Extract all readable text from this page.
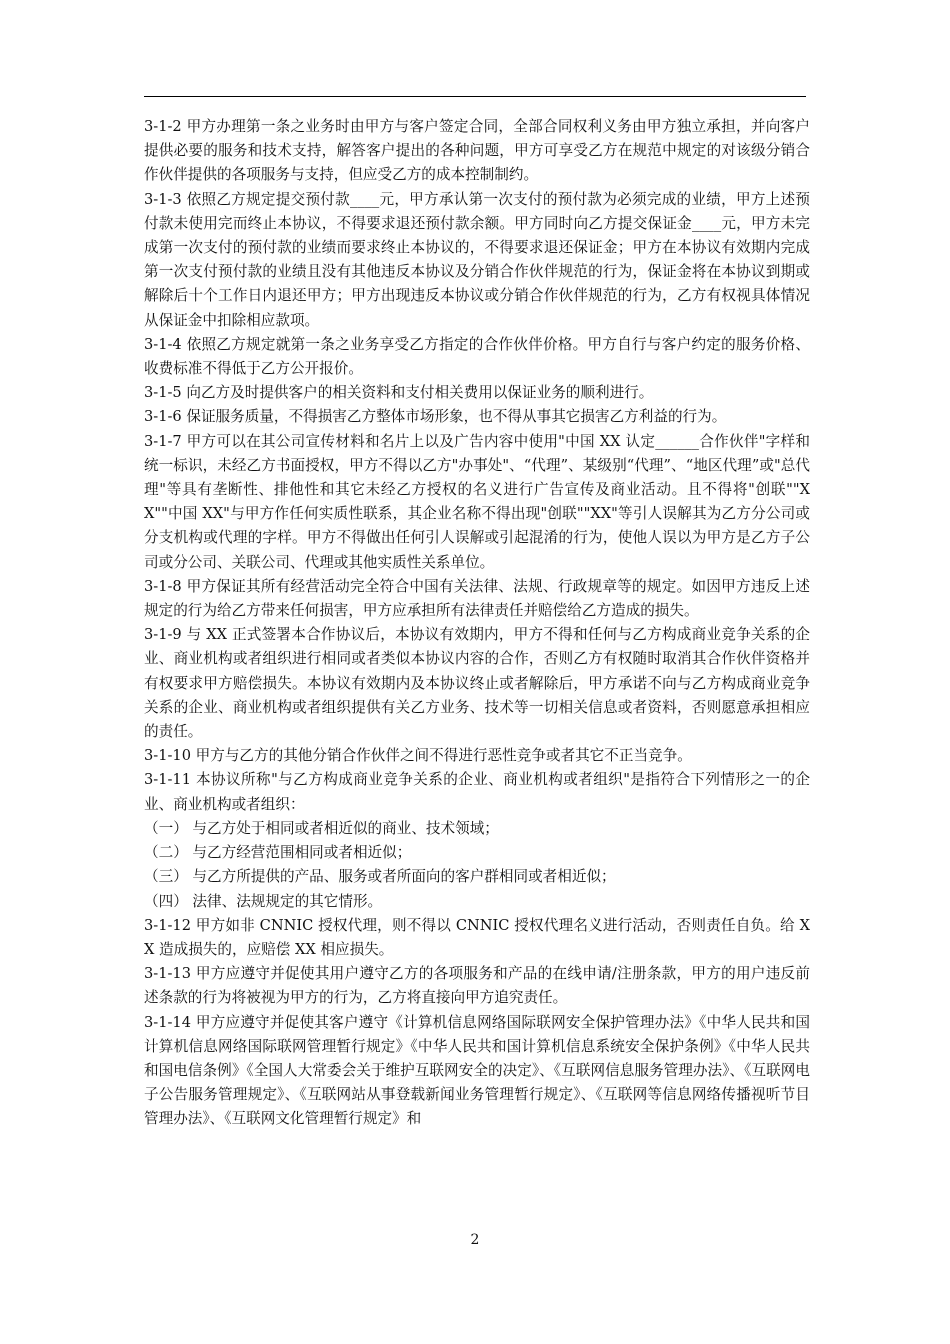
3-1-2 甲方办理第一条之业务时由甲方与客户签定合同，全部合同权利义务由甲方独立承担，并向客户提供必要的服务和技术支持，解答客户提出的各种问题，甲方可享受乙方在规范中规定的对该级分销合作伙伴提供的各项服务与支持，但应受乙方的成本控制制约。

3-1-3 依照乙方规定提交预付款____元，甲方承认第一次支付的预付款为必须完成的业绩，甲方上述预付款未使用完而终止本协议，不得要求退还预付款余额。甲方同时向乙方提交保证金____元，甲方未完成第一次支付的预付款的业绩而要求终止本协议的，不得要求退还保证金；甲方在本协议有效期内完成第一次支付预付款的业绩且没有其他违反本协议及分销合作伙伴规范的行为，保证金将在本协议到期或解除后十个工作日内退还甲方；甲方出现违反本协议或分销合作伙伴规范的行为，乙方有权视具体情况从保证金中扣除相应款项。

3-1-4 依照乙方规定就第一条之业务享受乙方指定的合作伙伴价格。甲方自行与客户约定的服务价格、收费标准不得低于乙方公开报价。

3-1-5 向乙方及时提供客户的相关资料和支付相关费用以保证业务的顺利进行。

3-1-6 保证服务质量，不得损害乙方整体市场形象，也不得从事其它损害乙方利益的行为。

3-1-7 甲方可以在其公司宣传材料和名片上以及广告内容中使用"中国 XX 认定______合作伙伴"字样和统一标识，未经乙方书面授权，甲方不得以乙方"办事处"、“代理”、某级别“代理”、“地区代理”或"总代理"等具有垄断性、排他性和其它未经乙方授权的名义进行广告宣传及商业活动。且不得将"创联""XX""中国 XX"与甲方作任何实质性联系，其企业名称不得出现"创联""XX"等引人误解其为乙方分公司或分支机构或代理的字样。甲方不得做出任何引人误解或引起混淆的行为，使他人误以为甲方是乙方子公司或分公司、关联公司、代理或其他实质性关系单位。

3-1-8 甲方保证其所有经营活动完全符合中国有关法律、法规、行政规章等的规定。如因甲方违反上述规定的行为给乙方带来任何损害，甲方应承担所有法律责任并赔偿给乙方造成的损失。

3-1-9 与 XX 正式签署本合作协议后，本协议有效期内，甲方不得和任何与乙方构成商业竞争关系的企业、商业机构或者组织进行相同或者类似本协议内容的合作，否则乙方有权随时取消其合作伙伴资格并有权要求甲方赔偿损失。本协议有效期内及本协议终止或者解除后，甲方承诺不向与乙方构成商业竞争关系的企业、商业机构或者组织提供有关乙方业务、技术等一切相关信息或者资料，否则愿意承担相应的责任。

3-1-10 甲方与乙方的其他分销合作伙伴之间不得进行恶性竞争或者其它不正当竞争。

3-1-11 本协议所称"与乙方构成商业竞争关系的企业、商业机构或者组织"是指符合下列情形之一的企业、商业机构或者组织：

（一） 与乙方处于相同或者相近似的商业、技术领域；

（二） 与乙方经营范围相同或者相近似；

（三） 与乙方所提供的产品、服务或者所面向的客户群相同或者相近似；

（四） 法律、法规规定的其它情形。

3-1-12 甲方如非 CNNIC 授权代理，则不得以 CNNIC 授权代理名义进行活动，否则责任自负。给 XX 造成损失的，应赔偿 XX 相应损失。

3-1-13 甲方应遵守并促使其用户遵守乙方的各项服务和产品的在线申请/注册条款，甲方的用户违反前述条款的行为将被视为甲方的行为，乙方将直接向甲方追究责任。

3-1-14 甲方应遵守并促使其客户遵守《计算机信息网络国际联网安全保护管理办法》《中华人民共和国计算机信息网络国际联网管理暂行规定》《中华人民共和国计算机信息系统安全保护条例》《中华人民共和国电信条例》《全国人大常委会关于维护互联网安全的决定》、《互联网信息服务管理办法》、《互联网电子公告服务管理规定》、《互联网站从事登载新闻业务管理暂行规定》、《互联网等信息网络传播视听节目管理办法》、《互联网文化管理暂行规定》和

2
